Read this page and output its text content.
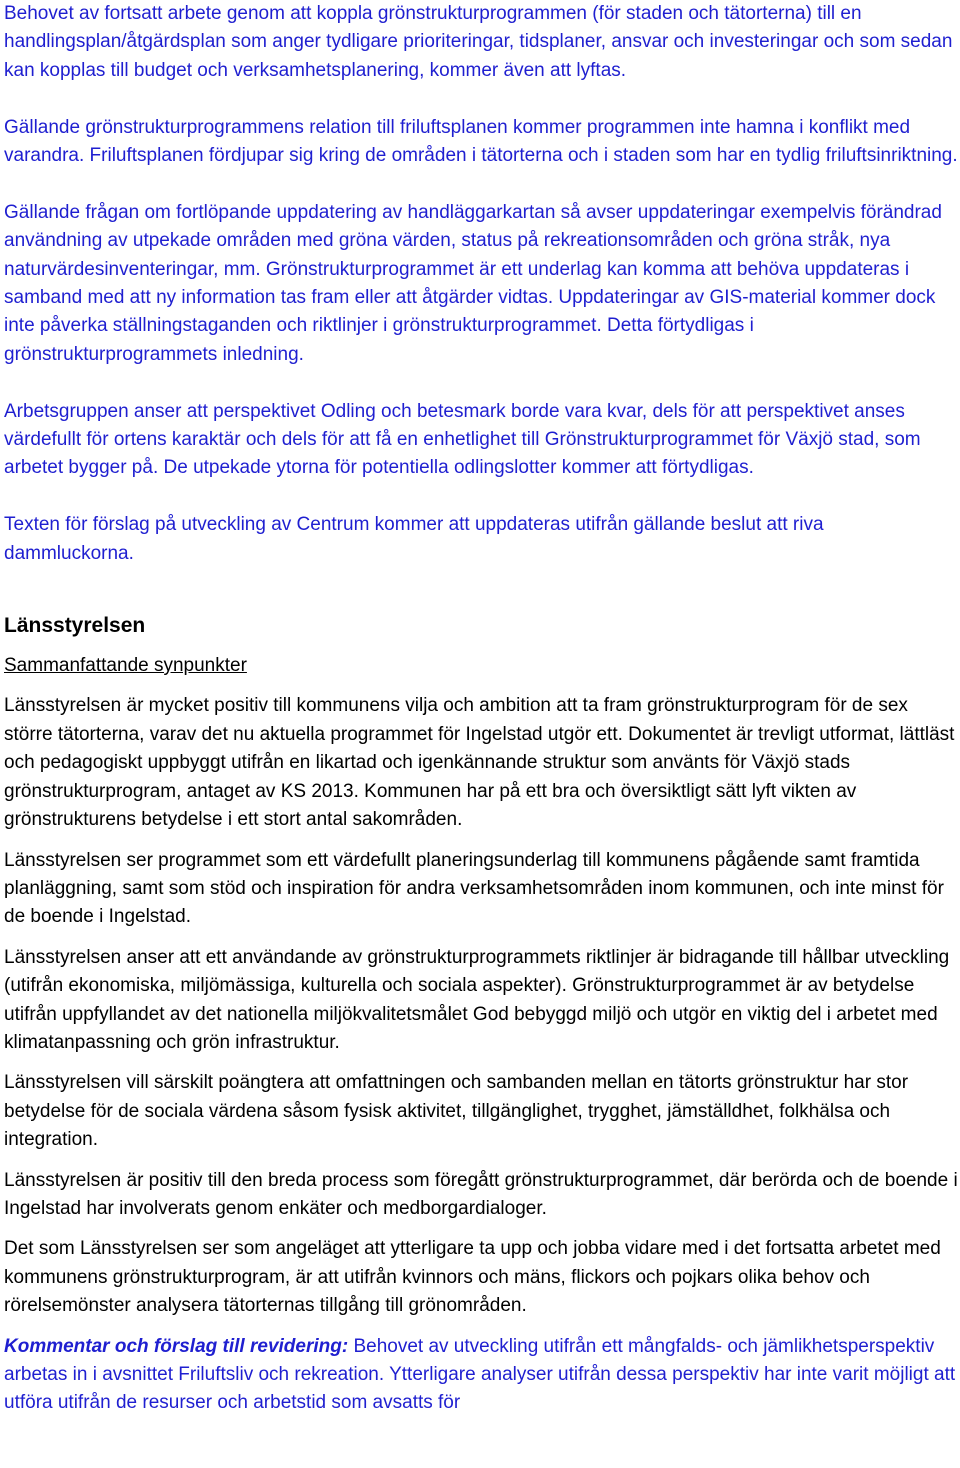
Behovet av fortsatt arbete genom att koppla grönstrukturprogrammen (för staden och tätorterna) till en handlingsplan/åtgärdsplan som anger tydligare prioriteringar, tidsplaner, ansvar och investeringar och som sedan kan kopplas till budget och verksamhetsplanering, kommer även att lyftas.

Gällande grönstrukturprogrammens relation till friluftsplanen kommer programmen inte hamna i konflikt med varandra. Friluftsplanen fördjupar sig kring de områden i tätorterna och i staden som har en tydlig friluftsinriktning.

Gällande frågan om fortlöpande uppdatering av handläggarkartan så avser uppdateringar exempelvis förändrad användning av utpekade områden med gröna värden, status på rekreationsområden och gröna stråk, nya naturvärdesinventeringar, mm. Grönstrukturprogrammet är ett underlag kan komma att behöva uppdateras i samband med att ny information tas fram eller att åtgärder vidtas. Uppdateringar av GIS-material kommer dock inte påverka ställningstaganden och riktlinjer i grönstrukturprogrammet. Detta förtydligas i grönstrukturprogrammets inledning.

Arbetsgruppen anser att perspektivet Odling och betesmark borde vara kvar, dels för att perspektivet anses värdefullt för ortens karaktär och dels för att få en enhetlighet till Grönstrukturprogrammet för Växjö stad, som arbetet bygger på. De utpekade ytorna för potentiella odlingslotter kommer att förtydligas.

Texten för förslag på utveckling av Centrum kommer att uppdateras utifrån gällande beslut att riva dammluckorna.

Länsstyrelsen

Sammanfattande synpunkter

Länsstyrelsen är mycket positiv till kommunens vilja och ambition att ta fram grönstrukturprogram för de sex större tätorterna, varav det nu aktuella programmet för Ingelstad utgör ett. Dokumentet är trevligt utformat, lättläst och pedagogiskt uppbyggt utifrån en likartad och igenkännande struktur som använts för Växjö stads grönstrukturprogram, antaget av KS 2013. Kommunen har på ett bra och översiktligt sätt lyft vikten av grönstrukturens betydelse i ett stort antal sakområden.

Länsstyrelsen ser programmet som ett värdefullt planeringsunderlag till kommunens pågående samt framtida planläggning, samt som stöd och inspiration för andra verksamhetsområden inom kommunen, och inte minst för de boende i Ingelstad.

Länsstyrelsen anser att ett användande av grönstrukturprogrammets riktlinjer är bidragande till hållbar utveckling (utifrån ekonomiska, miljömässiga, kulturella och sociala aspekter). Grönstrukturprogrammet är av betydelse utifrån uppfyllandet av det nationella miljökvalitetsmålet God bebyggd miljö och utgör en viktig del i arbetet med klimatanpassning och grön infrastruktur.

Länsstyrelsen vill särskilt poängtera att omfattningen och sambanden mellan en tätorts grönstruktur har stor betydelse för de sociala värdena såsom fysisk aktivitet, tillgänglighet, trygghet, jämställdhet, folkhälsa och integration.

Länsstyrelsen är positiv till den breda process som föregått grönstrukturprogrammet, där berörda och de boende i Ingelstad har involverats genom enkäter och medborgardialoger.

Det som Länsstyrelsen ser som angeläget att ytterligare ta upp och jobba vidare med i det fortsatta arbetet med kommunens grönstrukturprogram, är att utifrån kvinnors och mäns, flickors och pojkars olika behov och rörelsemönster analysera tätorternas tillgång till grönområden.

Kommentar och förslag till revidering: Behovet av utveckling utifrån ett mångfalds- och jämlikhetsperspektiv arbetas in i avsnittet Friluftsliv och rekreation. Ytterligare analyser utifrån dessa perspektiv har inte varit möjligt att utföra utifrån de resurser och arbetstid som avsatts för
